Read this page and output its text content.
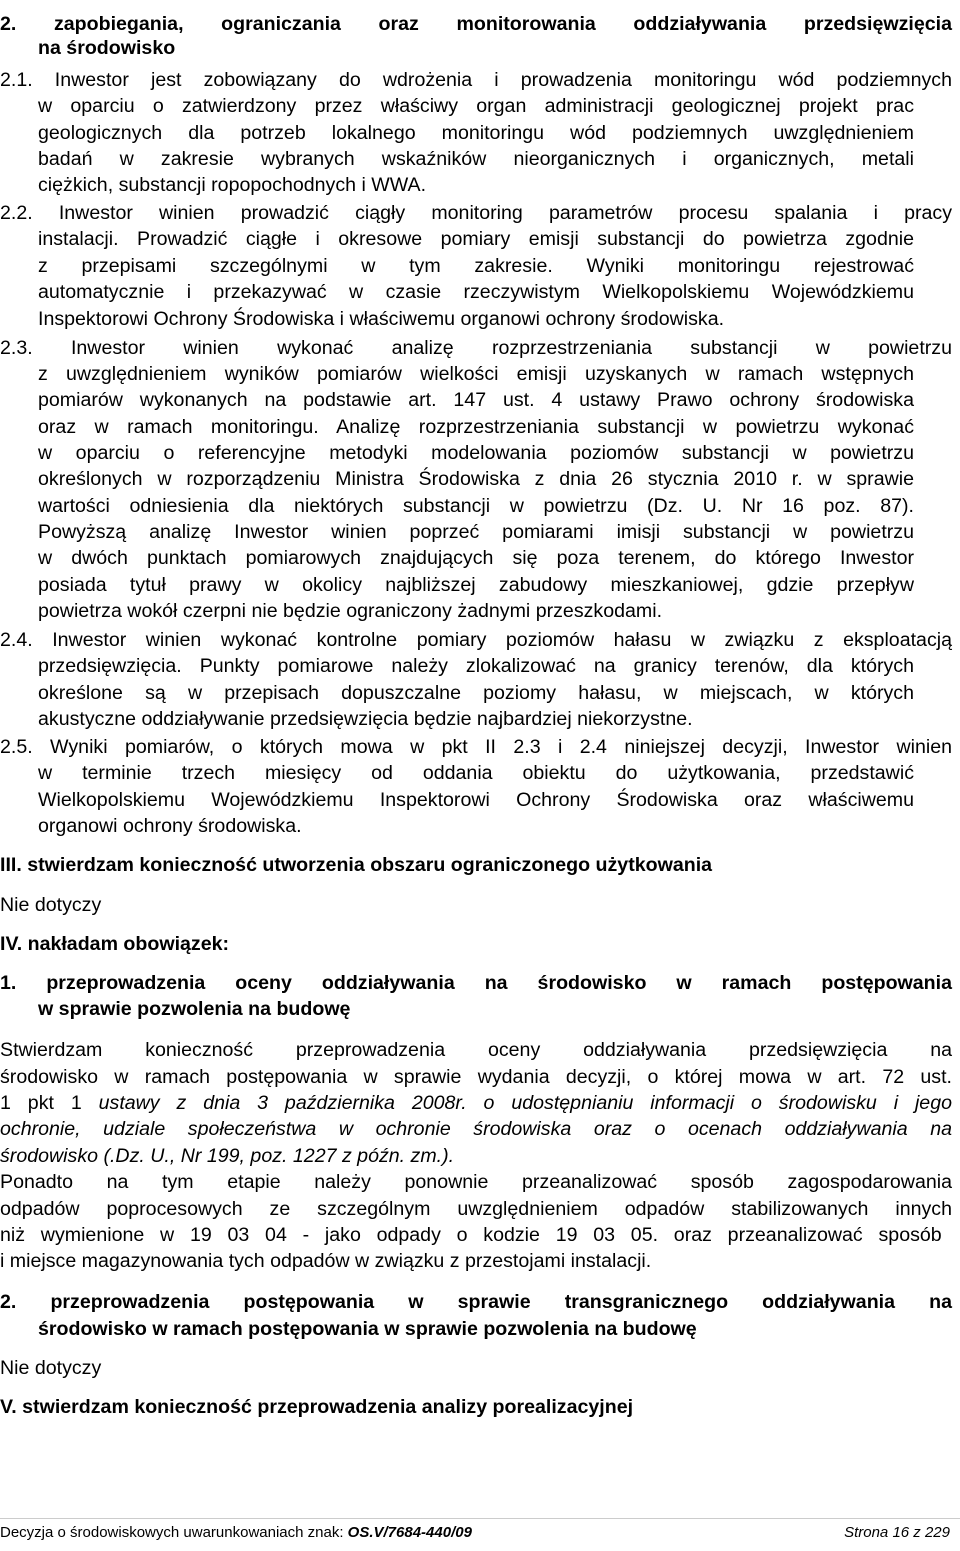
2. zapobiegania, ograniczania oraz monitorowania oddziaływania przedsięwzięcia
na środowisko
2.1. Inwestor jest zobowiązany do wdrożenia i prowadzenia monitoringu wód podziemnych
w oparciu o zatwierdzony przez właściwy organ administracji geologicznej projekt prac
geologicznych dla potrzeb lokalnego monitoringu wód podziemnych uwzględnieniem
badań w zakresie wybranych wskaźników nieorganicznych i organicznych, metali
ciężkich, substancji ropopochodnych i WWA.
2.2. Inwestor winien prowadzić ciągły monitoring parametrów procesu spalania i pracy
instalacji. Prowadzić ciągłe i okresowe pomiary emisji substancji do powietrza zgodnie
z przepisami szczególnymi w tym zakresie. Wyniki monitoringu rejestrować
automatycznie i przekazywać w czasie rzeczywistym Wielkopolskiemu Wojewódzkiemu
Inspektorowi Ochrony Środowiska i właściwemu organowi ochrony środowiska.
2.3. Inwestor winien wykonać analizę rozprzestrzeniania substancji w powietrzu
z uwzględnieniem wyników pomiarów wielkości emisji uzyskanych w ramach wstępnych
pomiarów wykonanych na podstawie art. 147 ust. 4 ustawy Prawo ochrony środowiska
oraz w ramach monitoringu. Analizę rozprzestrzeniania substancji w powietrzu wykonać
w oparciu o referencyjne metodyki modelowania poziomów substancji w powietrzu
określonych w rozporządzeniu Ministra Środowiska z dnia 26 stycznia 2010 r. w sprawie
wartości odniesienia dla niektórych substancji w powietrzu (Dz. U. Nr 16 poz. 87).
Powyższą analizę Inwestor winien poprzeć pomiarami imisji substancji w powietrzu
w dwóch punktach pomiarowych znajdujących się poza terenem, do którego Inwestor
posiada tytuł prawy w okolicy najbliższej zabudowy mieszkaniowej, gdzie przepływ
powietrza wokół czerpni nie będzie ograniczony żadnymi przeszkodami.
2.4. Inwestor winien wykonać kontrolne pomiary poziomów hałasu w związku z eksploatacją
przedsięwzięcia. Punkty pomiarowe należy zlokalizować na granicy terenów, dla których
określone są w przepisach dopuszczalne poziomy hałasu, w miejscach, w których
akustyczne oddziaływanie przedsięwzięcia będzie najbardziej niekorzystne.
2.5. Wyniki pomiarów, o których mowa w pkt II 2.3 i 2.4 niniejszej decyzji, Inwestor winien
w terminie trzech miesięcy od oddania obiektu do użytkowania, przedstawić
Wielkopolskiemu Wojewódzkiemu Inspektorowi Ochrony Środowiska oraz właściwemu
organowi ochrony środowiska.
III. stwierdzam konieczność utworzenia obszaru ograniczonego użytkowania
Nie dotyczy
IV. nakładam obowiązek:
1. przeprowadzenia oceny oddziaływania na środowisko w ramach postępowania
w sprawie pozwolenia na budowę
Stwierdzam konieczność przeprowadzenia oceny oddziaływania przedsięwzięcia na
środowisko w ramach postępowania w sprawie wydania decyzji, o której mowa w art. 72 ust.
Ponadto na tym etapie należy ponownie przeanalizować sposób zagospodarowania
odpadów poprocesowych ze szczególnym uwzględnieniem odpadów stabilizowanych innych
niż wymienione w 19 03 04 - jako odpady o kodzie 19 03 05. oraz przeanalizować sposób
i miejsce magazynowania tych odpadów w związku z przestojami instalacji.
2. przeprowadzenia postępowania w sprawie transgranicznego oddziaływania na
środowisko w ramach postępowania w sprawie pozwolenia na budowę
Nie dotyczy
V. stwierdzam konieczność przeprowadzenia analizy porealizacyjnej
1 pkt 1 ustawy z dnia 3 października 2008r. o udostępnianiu informacji o środowisku i jego
ochronie, udziale społeczeństwa w ochronie środowiska oraz o ocenach oddziaływania na
środowisko (.Dz. U., Nr 199, poz. 1227 z późn. zm.).
Decyzja o środowiskowych uwarunkowaniach znak: OS.V/7684-440/09	Strona 16 z 229
